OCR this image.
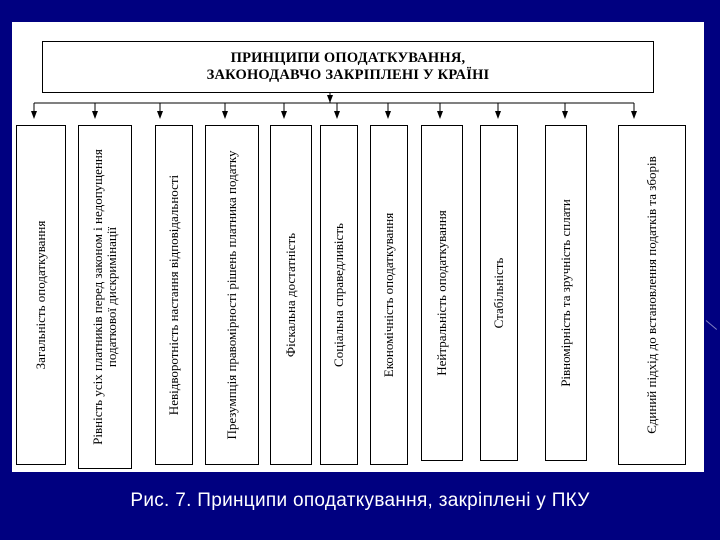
ПРИНЦИПИ ОПОДАТКУВАННЯ,
ЗАКОНОДАВЧО ЗАКРІПЛЕНІ У КРАЇНІ
Загальність оподаткування	Рівність усіх платників перед законом і недопущення податкової дискримінації	Невідворотність настання відповідальності	Презумпція правомірності рішень платника податку	Фіскальна достатність	Соціальна справедливість	Економічність оподаткування	Нейтральність оподаткування	Стабільність	Рівномірність та зручність сплати	Єдиний підхід до встановлення податків та зборів
Рис. 7. Принципи оподаткування, закріплені у ПКУ
